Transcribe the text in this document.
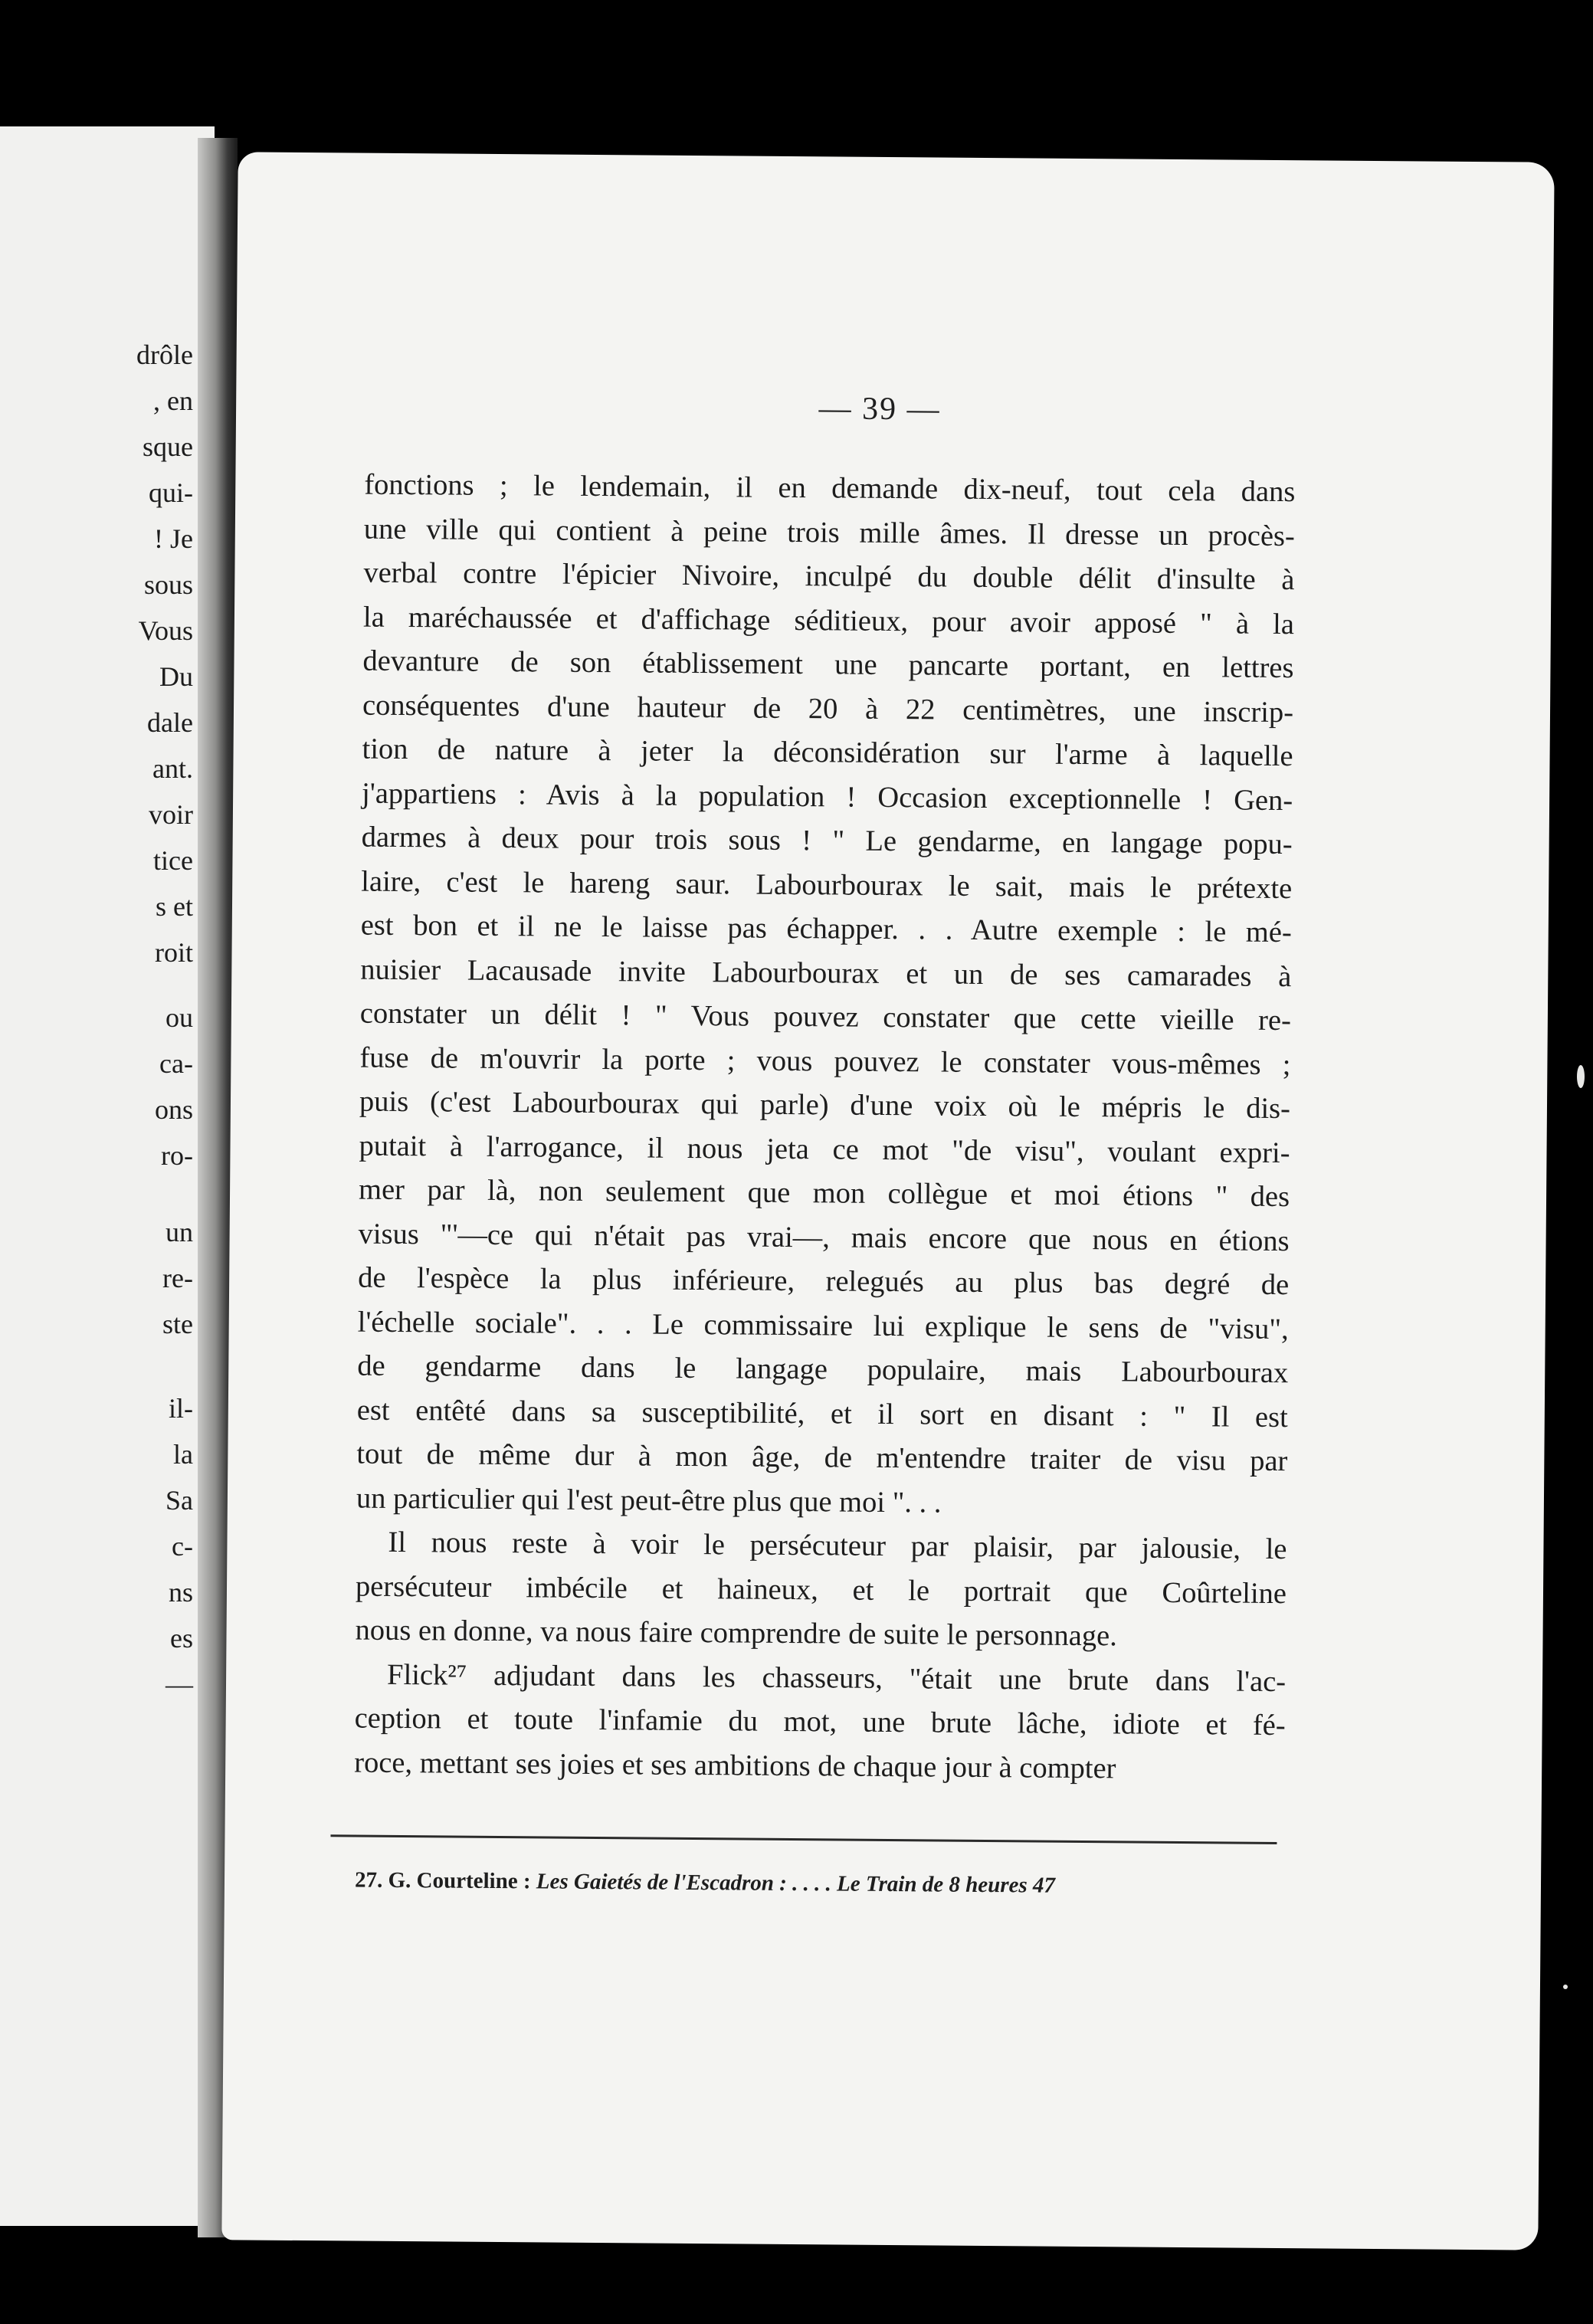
drôle
, en
sque
qui-
! Je
sous
Vous
Du
dale
ant.
voir
tice
s et
roit
ou
ca-
ons
ro-
un
re-
ste
il-
la
Sa
c-
ns
es
—
— 39 —
fonctions ; le lendemain, il en demande dix-neuf, tout cela dans
une ville qui contient à peine trois mille âmes. Il dresse un procès-
verbal contre l'épicier Nivoire, inculpé du double délit d'insulte à
la maréchaussée et d'affichage séditieux, pour avoir apposé " à la
devanture de son établissement une pancarte portant, en lettres
conséquentes d'une hauteur de 20 à 22 centimètres, une inscrip-
tion de nature à jeter la déconsidération sur l'arme à laquelle
j'appartiens : Avis à la population ! Occasion exceptionnelle ! Gen-
darmes à deux pour trois sous ! " Le gendarme, en langage popu-
laire, c'est le hareng saur. Labourbourax le sait, mais le prétexte
est bon et il ne le laisse pas échapper. . . Autre exemple : le mé-
nuisier Lacausade invite Labourbourax et un de ses camarades à
constater un délit ! " Vous pouvez constater que cette vieille re-
fuse de m'ouvrir la porte ; vous pouvez le constater vous-mêmes ;
puis (c'est Labourbourax qui parle) d'une voix où le mépris le dis-
putait à l'arrogance, il nous jeta ce mot "de visu", voulant expri-
mer par là, non seulement que mon collègue et moi étions " des
visus "'—ce qui n'était pas vrai—, mais encore que nous en étions
de l'espèce la plus inférieure, relegués au plus bas degré de
l'échelle sociale". . . Le commissaire lui explique le sens de "visu",
de gendarme dans le langage populaire, mais Labourbourax
est entêté dans sa susceptibilité, et il sort en disant : " Il est
tout de même dur à mon âge, de m'entendre traiter de visu par
un particulier qui l'est peut-être plus que moi ". . .
Il nous reste à voir le persécuteur par plaisir, par jalousie, le
persécuteur imbécile et haineux, et le portrait que Coûrteline
nous en donne, va nous faire comprendre de suite le personnage.
Flick²⁷ adjudant dans les chasseurs, "était une brute dans l'ac-
ception et toute l'infamie du mot, une brute lâche, idiote et fé-
roce, mettant ses joies et ses ambitions de chaque jour à compter
27. G. Courteline : Les Gaietés de l'Escadron : . . . . Le Train de 8 heures 47
